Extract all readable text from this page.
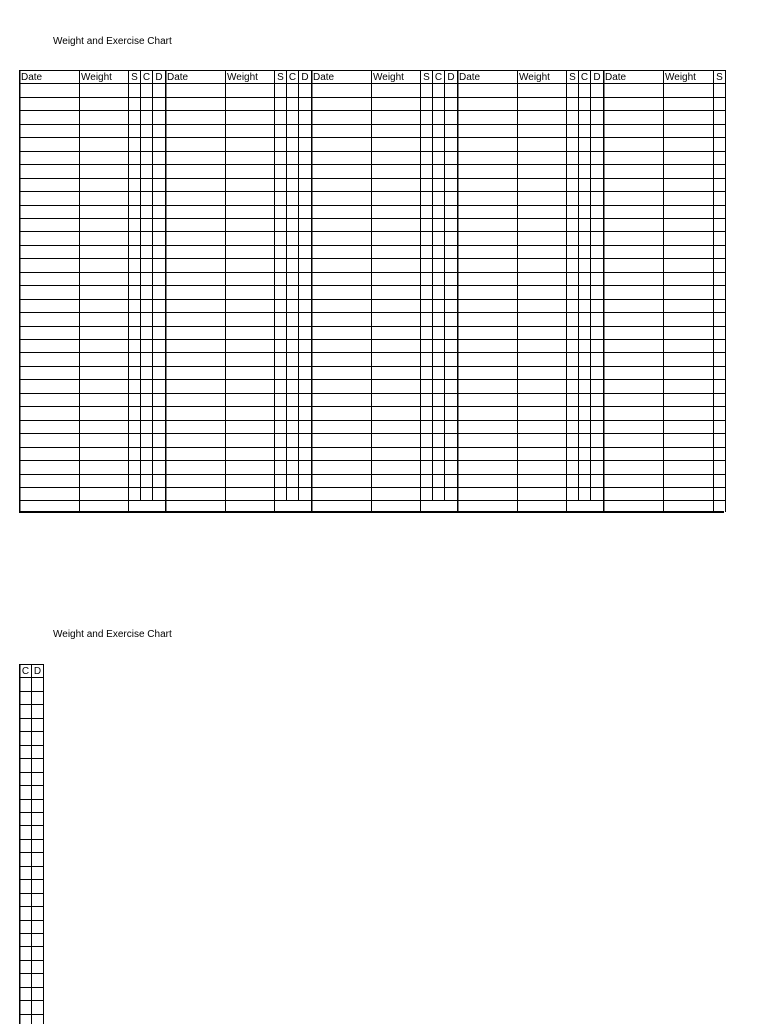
Weight and Exercise Chart
Weight and Exercise Chart
Date	Weight S C D Date	Weight S C D Date	Weight S C D Date	Weight S C D Date	Weight S
C D
